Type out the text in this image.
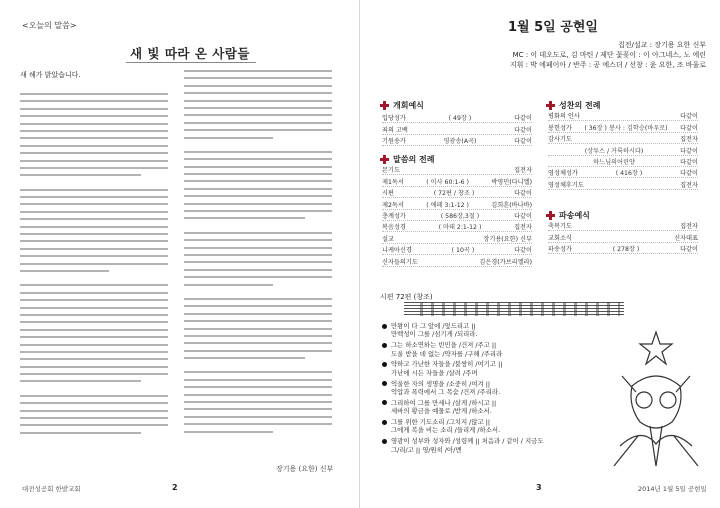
<오늘의 말씀>
새 빛 따라 온 사람들
새 해가 밝았습니다.
장기용 (요한) 신부
대전성공회 한밭교회	2
1월 5일 공현일
집전/설교 : 장기용 요한 신부
MC : 이 데오도로, 김 마틴 / 제단 꽃꽂이 : 이 아그네스, 노 에린
지휘 : 박 에페이아 / 반주 : 공 에스더 / 선창 : 윤 요한, 조 바울로
개회예식
입당성가	( 49장 )	다같이
죄의 고백	다같이
기원송가	영광송(A곡)	다같이
말씀의 전례
본기도	집전자
제1독서	( 이사 60:1-6 )	박영민(다니엘)
시편	( 72편 / 창조 )	다같이
제2독서	( 에페 3:1-12 )	김희흔(바나바)
층계성가	( 586장,3절 )	다같이
복음성경	( 마태 2:1-12 )	집전자
설교	장기용(요한) 신부
니케아신경	( 10곡 )	다같이
신자들의기도	김은경(가브리엘라)
성찬의 전례
평화의 인사	다같이
봉헌성가	( 36장 ) 봉사 : 김학승(바우로)	다같이
감사기도	집전자
(상투스 / 거룩하시다)	다같이
하느님의어린양	다같이
영성체성가	( 416장 )	다같이
영성체후기도	집전자
파송예식
축복기도	집전자
교회소식	신자대표
파송성가	( 278장 )	다같이
시편 72편 (창조)
만왕이 다 그 앞에 /엎드리고 ||
만백성이 그를 /섬기게 /되리라.
그는 하소연하는 빈민을 /건져 /주고 ||
도울 받을 데 없는 /약자를 /구해 /주리라
약하고 가난한 자들을 /불쌍히 /여기고 ||
가난에 시든 자들을 /살려 /주며
억울한 자의 생명을 /소중히 /여겨 ||
억압과 폭력에서 그 목숨 /건져 /주리라.
그리하여 그를 만세나 /살게 /하시고 ||
세바의 황금을 예물로 /받게 /하소서.
그를 위한 기도소리 /그치지 /않고 ||
그에게 복을 비는 소리 /들리게 /하소서.
영광이 성부와 성자와 /성령께 || 처음과 / 같이 / 지금도
그/리/고 || 영/원히 /아/멘
3	2014년 1월 5일 공현일
